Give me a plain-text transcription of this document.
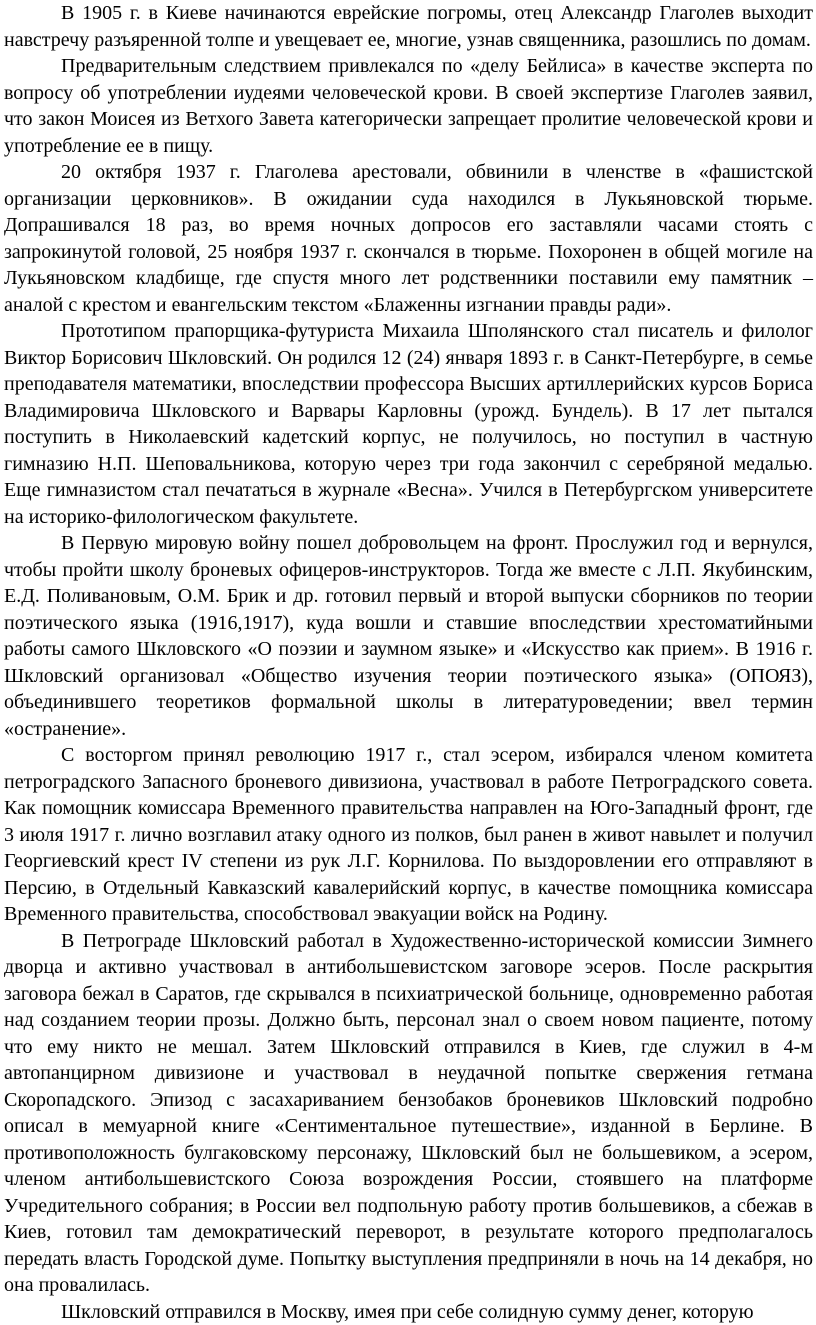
В 1905 г. в Киеве начинаются еврейские погромы, отец Александр Глаголев выходит навстречу разъяренной толпе и увещевает ее, многие, узнав священника, разошлись по домам.

Предварительным следствием привлекался по «делу Бейлиса» в качестве эксперта по вопросу об употреблении иудеями человеческой крови. В своей экспертизе Глаголев заявил, что закон Моисея из Ветхого Завета категорически запрещает пролитие человеческой крови и употребление ее в пищу.

20 октября 1937 г. Глаголева арестовали, обвинили в членстве в «фашистской организации церковников». В ожидании суда находился в Лукьяновской тюрьме. Допрашивался 18 раз, во время ночных допросов его заставляли часами стоять с запрокинутой головой, 25 ноября 1937 г. скончался в тюрьме. Похоронен в общей могиле на Лукьяновском кладбище, где спустя много лет родственники поставили ему памятник – аналой с крестом и евангельским текстом «Блаженны изгнании правды ради».

Прототипом прапорщика-футуриста Михаила Шполянского стал писатель и филолог Виктор Борисович Шкловский. Он родился 12 (24) января 1893 г. в Санкт-Петербурге, в семье преподавателя математики, впоследствии профессора Высших артиллерийских курсов Бориса Владимировича Шкловского и Варвары Карловны (урожд. Бундель). В 17 лет пытался поступить в Николаевский кадетский корпус, не получилось, но поступил в частную гимназию Н.П. Шеповальникова, которую через три года закончил с серебряной медалью. Еще гимназистом стал печататься в журнале «Весна». Учился в Петербургском университете на историко-филологическом факультете.

В Первую мировую войну пошел добровольцем на фронт. Прослужил год и вернулся, чтобы пройти школу броневых офицеров-инструкторов. Тогда же вместе с Л.П. Якубинским, Е.Д. Поливановым, О.М. Брик и др. готовил первый и второй выпуски сборников по теории поэтического языка (1916,1917), куда вошли и ставшие впоследствии хрестоматийными работы самого Шкловского «О поэзии и заумном языке» и «Искусство как прием». В 1916 г. Шкловский организовал «Общество изучения теории поэтического языка» (ОПОЯЗ), объединившего теоретиков формальной школы в литературоведении; ввел термин «остранение».

С восторгом принял революцию 1917 г., стал эсером, избирался членом комитета петроградского Запасного броневого дивизиона, участвовал в работе Петроградского совета. Как помощник комиссара Временного правительства направлен на Юго-Западный фронт, где 3 июля 1917 г. лично возглавил атаку одного из полков, был ранен в живот навылет и получил Георгиевский крест IV степени из рук Л.Г. Корнилова. По выздоровлении его отправляют в Персию, в Отдельный Кавказский кавалерийский корпус, в качестве помощника комиссара Временного правительства, способствовал эвакуации войск на Родину.

В Петрограде Шкловский работал в Художественно-исторической комиссии Зимнего дворца и активно участвовал в антибольшевистском заговоре эсеров. После раскрытия заговора бежал в Саратов, где скрывался в психиатрической больнице, одновременно работая над созданием теории прозы. Должно быть, персонал знал о своем новом пациенте, потому что ему никто не мешал. Затем Шкловский отправился в Киев, где служил в 4-м автопанцирном дивизионе и участвовал в неудачной попытке свержения гетмана Скоропадского. Эпизод с засахариванием бензобаков броневиков Шкловский подробно описал в мемуарной книге «Сентиментальное путешествие», изданной в Берлине. В противоположность булгаковскому персонажу, Шкловский был не большевиком, а эсером, членом антибольшевистского Союза возрождения России, стоявшего на платформе Учредительного собрания; в России вел подпольную работу против большевиков, а сбежав в Киев, готовил там демократический переворот, в результате которого предполагалось передать власть Городской думе. Попытку выступления предприняли в ночь на 14 декабря, но она провалилась.

Шкловский отправился в Москву, имея при себе солидную сумму денег, которую
